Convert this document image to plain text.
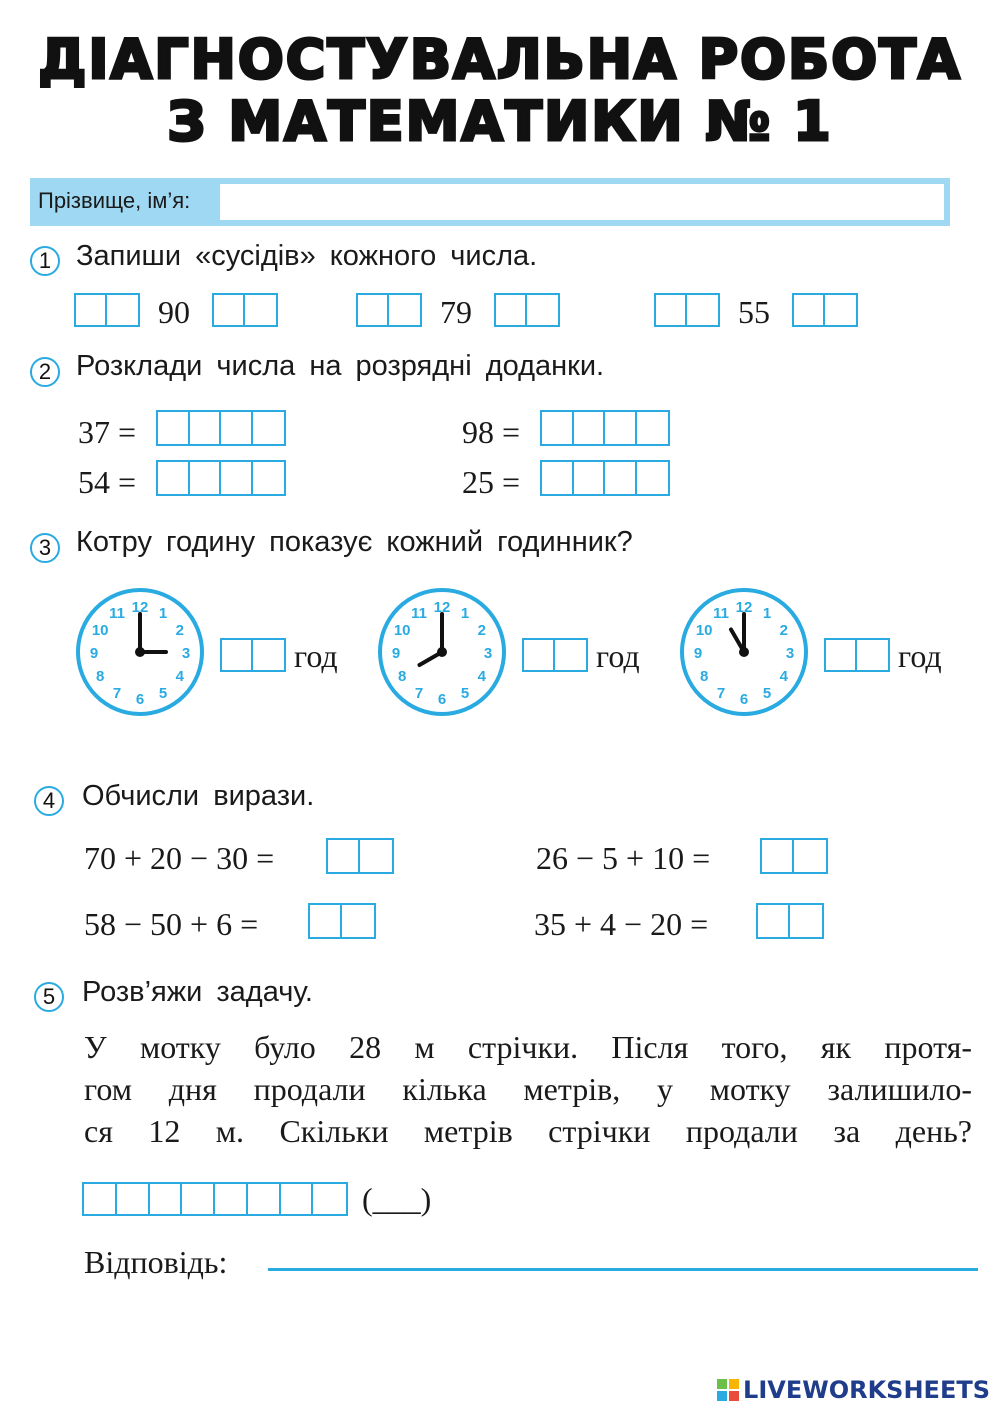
ДІАГНОСТУВАЛЬНА РОБОТА
З МАТЕМАТИКИ № 1
Прізвище, ім’я:
1 Запиши «сусідів» кожного числа.
90	79	55
2 Розклади числа на розрядні доданки.
37 =	98 =
54 =	25 =
3 Котру годину показує кожний годинник?
12 1
2
3
4
5
6
7
8
9
10
11
год
12 1
2
3
4
5
6
7
8
9
10
11
год
12 1
2
3
4
5
6
7
8
9
10
11
год
4 Обчисли вирази.
70 + 20 − 30 =	26 − 5 + 10 =
58 − 50 + 6 =	35 + 4 − 20 =
5 Розв’яжи задачу.
У мотку було 28 м стрічки. Після того, як протя-
гом дня продали кілька метрів, у мотку залишило-
ся 12 м. Скільки метрів стрічки продали за день?
(___)
Відповідь:
LIVEWORKSHEETS
